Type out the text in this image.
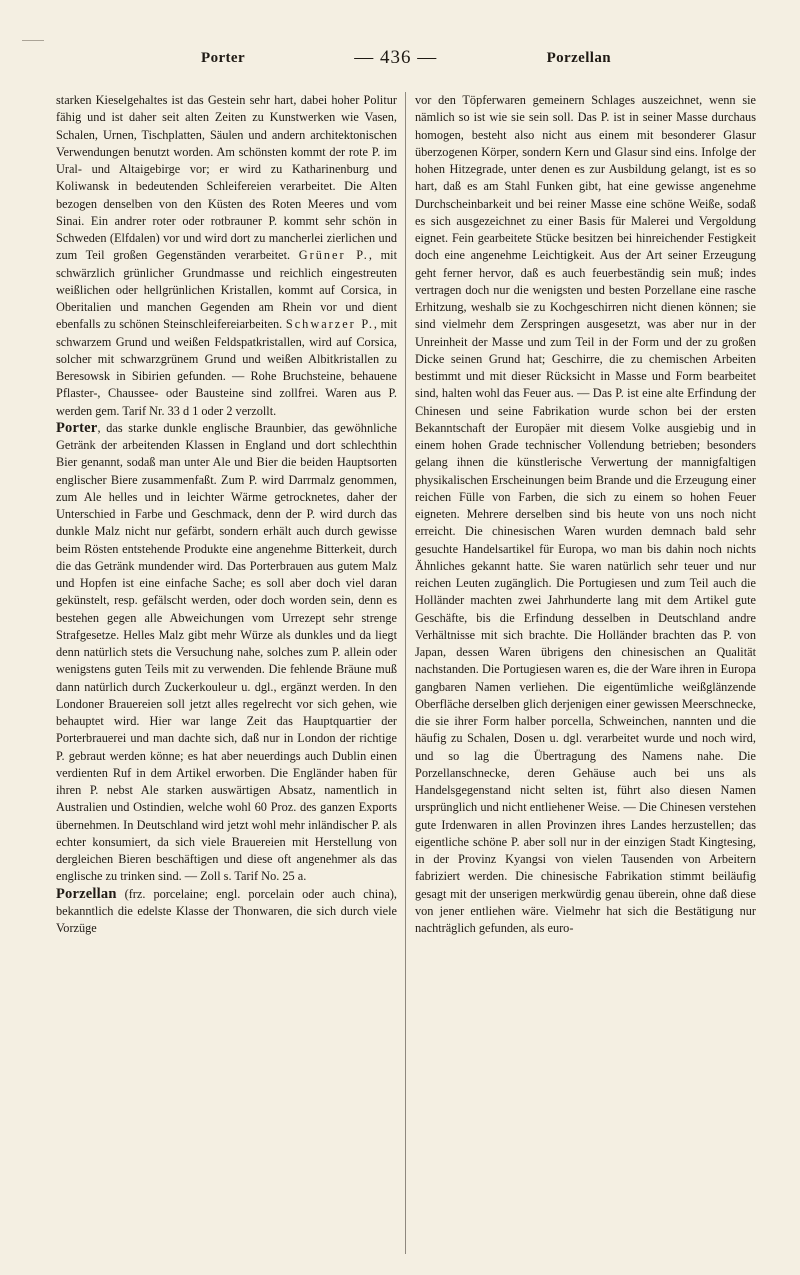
Porter	— 436 —	Porzellan

starken Kieselgehaltes ist das Gestein sehr hart, dabei hoher Politur fähig und ist daher seit alten Zeiten zu Kunstwerken wie Vasen, Schalen, Urnen, Tischplatten, Säulen und andern architektonischen Verwendungen benutzt worden. Am schönsten kommt der rote P. im Ural- und Altaigebirge vor; er wird zu Katharinenburg und Koliwansk in bedeutenden Schleifereien verarbeitet. Die Alten bezogen denselben von den Küsten des Roten Meeres und vom Sinai. Ein andrer roter oder rotbrauner P. kommt sehr schön in Schweden (Elfdalen) vor und wird dort zu mancherlei zierlichen und zum Teil großen Gegenständen verarbeitet. Grüner P., mit schwärzlich grünlicher Grundmasse und reichlich eingestreuten weißlichen oder hellgrünlichen Kristallen, kommt auf Corsica, in Oberitalien und manchen Gegenden am Rhein vor und dient ebenfalls zu schönen Steinschleifereiarbeiten. Schwarzer P., mit schwarzem Grund und weißen Feldspatkristallen, wird auf Corsica, solcher mit schwarzgrünem Grund und weißen Albitkristallen zu Beresowsk in Sibirien gefunden. — Rohe Bruchsteine, behauene Pflaster-, Chaussee- oder Bausteine sind zollfrei. Waren aus P. werden gem. Tarif Nr. 33 d 1 oder 2 verzollt.

Porter, das starke dunkle englische Braunbier, das gewöhnliche Getränk der arbeitenden Klassen in England und dort schlechthin Bier genannt, sodaß man unter Ale und Bier die beiden Hauptsorten englischer Biere zusammenfaßt. Zum P. wird Darrmalz genommen, zum Ale helles und in leichter Wärme getrocknetes, daher der Unterschied in Farbe und Geschmack, denn der P. wird durch das dunkle Malz nicht nur gefärbt, sondern erhält auch durch gewisse beim Rösten entstehende Produkte eine angenehme Bitterkeit, durch die das Getränk mundender wird. Das Porterbrauen aus gutem Malz und Hopfen ist eine einfache Sache; es soll aber doch viel daran gekünstelt, resp. gefälscht werden, oder doch worden sein, denn es bestehen gegen alle Abweichungen vom Urrezept sehr strenge Strafgesetze. Helles Malz gibt mehr Würze als dunkles und da liegt denn natürlich stets die Versuchung nahe, solches zum P. allein oder wenigstens guten Teils mit zu verwenden. Die fehlende Bräune muß dann natürlich durch Zuckerkouleur u. dgl., ergänzt werden. In den Londoner Brauereien soll jetzt alles regelrecht vor sich gehen, wie behauptet wird. Hier war lange Zeit das Hauptquartier der Porterbrauerei und man dachte sich, daß nur in London der richtige P. gebraut werden könne; es hat aber neuerdings auch Dublin einen verdienten Ruf in dem Artikel erworben. Die Engländer haben für ihren P. nebst Ale starken auswärtigen Absatz, namentlich in Australien und Ostindien, welche wohl 60 Proz. des ganzen Exports übernehmen. In Deutschland wird jetzt wohl mehr inländischer P. als echter konsumiert, da sich viele Brauereien mit Herstellung von dergleichen Bieren beschäftigen und diese oft angenehmer als das englische zu trinken sind. — Zoll s. Tarif No. 25 a.

Porzellan (frz. porcelaine; engl. porcelain oder auch china), bekanntlich die edelste Klasse der Thonwaren, die sich durch viele Vorzüge

vor den Töpferwaren gemeinern Schlages auszeichnet, wenn sie nämlich so ist wie sie sein soll. Das P. ist in seiner Masse durchaus homogen, besteht also nicht aus einem mit besonderer Glasur überzogenen Körper, sondern Kern und Glasur sind eins. Infolge der hohen Hitzegrade, unter denen es zur Ausbildung gelangt, ist es so hart, daß es am Stahl Funken gibt, hat eine gewisse angenehme Durchscheinbarkeit und bei reiner Masse eine schöne Weiße, sodaß es sich ausgezeichnet zu einer Basis für Malerei und Vergoldung eignet. Fein gearbeitete Stücke besitzen bei hinreichender Festigkeit doch eine angenehme Leichtigkeit. Aus der Art seiner Erzeugung geht ferner hervor, daß es auch feuerbeständig sein muß; indes vertragen doch nur die wenigsten und besten Porzellane eine rasche Erhitzung, weshalb sie zu Kochgeschirren nicht dienen können; sie sind vielmehr dem Zerspringen ausgesetzt, was aber nur in der Unreinheit der Masse und zum Teil in der Form und der zu großen Dicke seinen Grund hat; Geschirre, die zu chemischen Arbeiten bestimmt und mit dieser Rücksicht in Masse und Form bearbeitet sind, halten wohl das Feuer aus. — Das P. ist eine alte Erfindung der Chinesen und seine Fabrikation wurde schon bei der ersten Bekanntschaft der Europäer mit diesem Volke ausgiebig und in einem hohen Grade technischer Vollendung betrieben; besonders gelang ihnen die künstlerische Verwertung der mannigfaltigen physikalischen Erscheinungen beim Brande und die Erzeugung einer reichen Fülle von Farben, die sich zu einem so hohen Feuer eigneten. Mehrere derselben sind bis heute von uns noch nicht erreicht. Die chinesischen Waren wurden demnach bald sehr gesuchte Handelsartikel für Europa, wo man bis dahin noch nichts Ähnliches gekannt hatte. Sie waren natürlich sehr teuer und nur reichen Leuten zugänglich. Die Portugiesen und zum Teil auch die Holländer machten zwei Jahrhunderte lang mit dem Artikel gute Geschäfte, bis die Erfindung desselben in Deutschland andre Verhältnisse mit sich brachte. Die Holländer brachten das P. von Japan, dessen Waren übrigens den chinesischen an Qualität nachstanden. Die Portugiesen waren es, die der Ware ihren in Europa gangbaren Namen verliehen. Die eigentümliche weißglänzende Oberfläche derselben glich derjenigen einer gewissen Meerschnecke, die sie ihrer Form halber porcella, Schweinchen, nannten und die häufig zu Schalen, Dosen u. dgl. verarbeitet wurde und noch wird, und so lag die Übertragung des Namens nahe. Die Porzellanschnecke, deren Gehäuse auch bei uns als Handelsgegenstand nicht selten ist, führt also diesen Namen ursprünglich und nicht entliehener Weise. — Die Chinesen verstehen gute Irdenwaren in allen Provinzen ihres Landes herzustellen; das eigentliche schöne P. aber soll nur in der einzigen Stadt Kingtesing, in der Provinz Kyangsi von vielen Tausenden von Arbeitern fabriziert werden. Die chinesische Fabrikation stimmt beiläufig gesagt mit der unserigen merkwürdig genau überein, ohne daß diese von jener entliehen wäre. Vielmehr hat sich die Bestätigung nur nachträglich gefunden, als euro-
